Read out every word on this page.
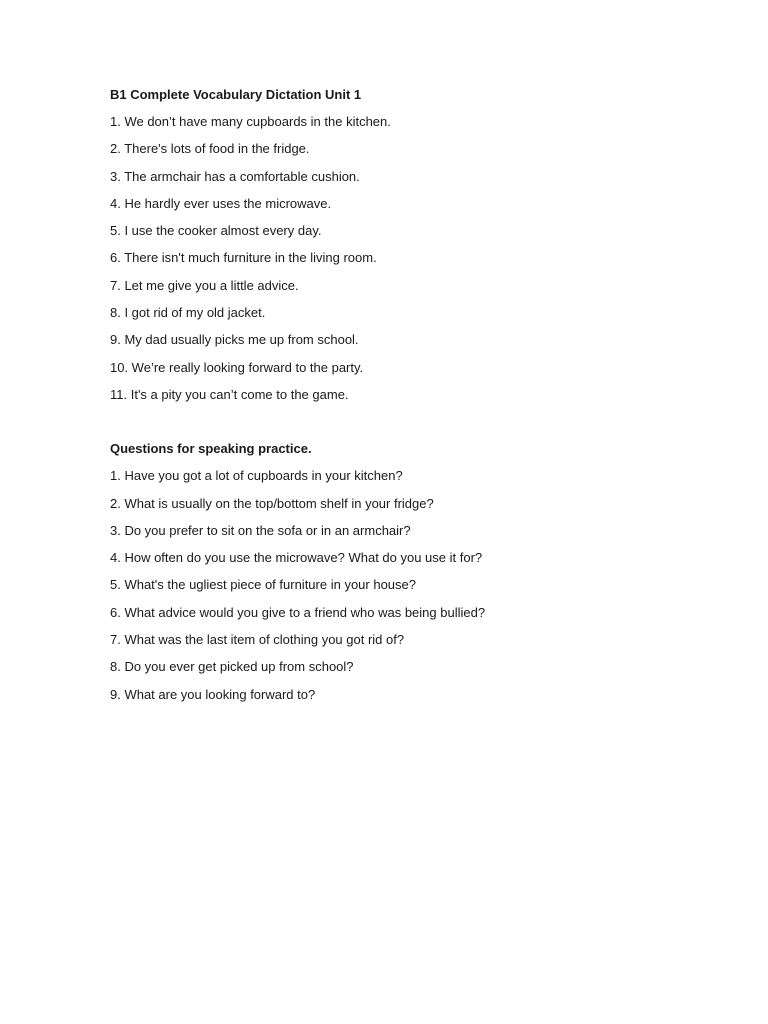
B1 Complete Vocabulary Dictation Unit 1
1. We don’t have many cupboards in the kitchen.
2. There's lots of food in the fridge.
3. The armchair has a comfortable cushion.
4. He hardly ever uses the microwave.
5. I use the cooker almost every day.
6. There isn't much furniture in the living room.
7. Let me give you a little advice.
8. I got rid of my old jacket.
9. My dad usually picks me up from school.
10. We’re really looking forward to the party.
11. It's a pity you can’t come to the game.
Questions for speaking practice.
1. Have you got a lot of cupboards in your kitchen?
2. What is usually on the top/bottom shelf in your fridge?
3. Do you prefer to sit on the sofa or in an armchair?
4. How often do you use the microwave? What do you use it for?
5. What's the ugliest piece of furniture in your house?
6. What advice would you give to a friend who was being bullied?
7. What was the last item of clothing you got rid of?
8. Do you ever get picked up from school?
9. What are you looking forward to?
